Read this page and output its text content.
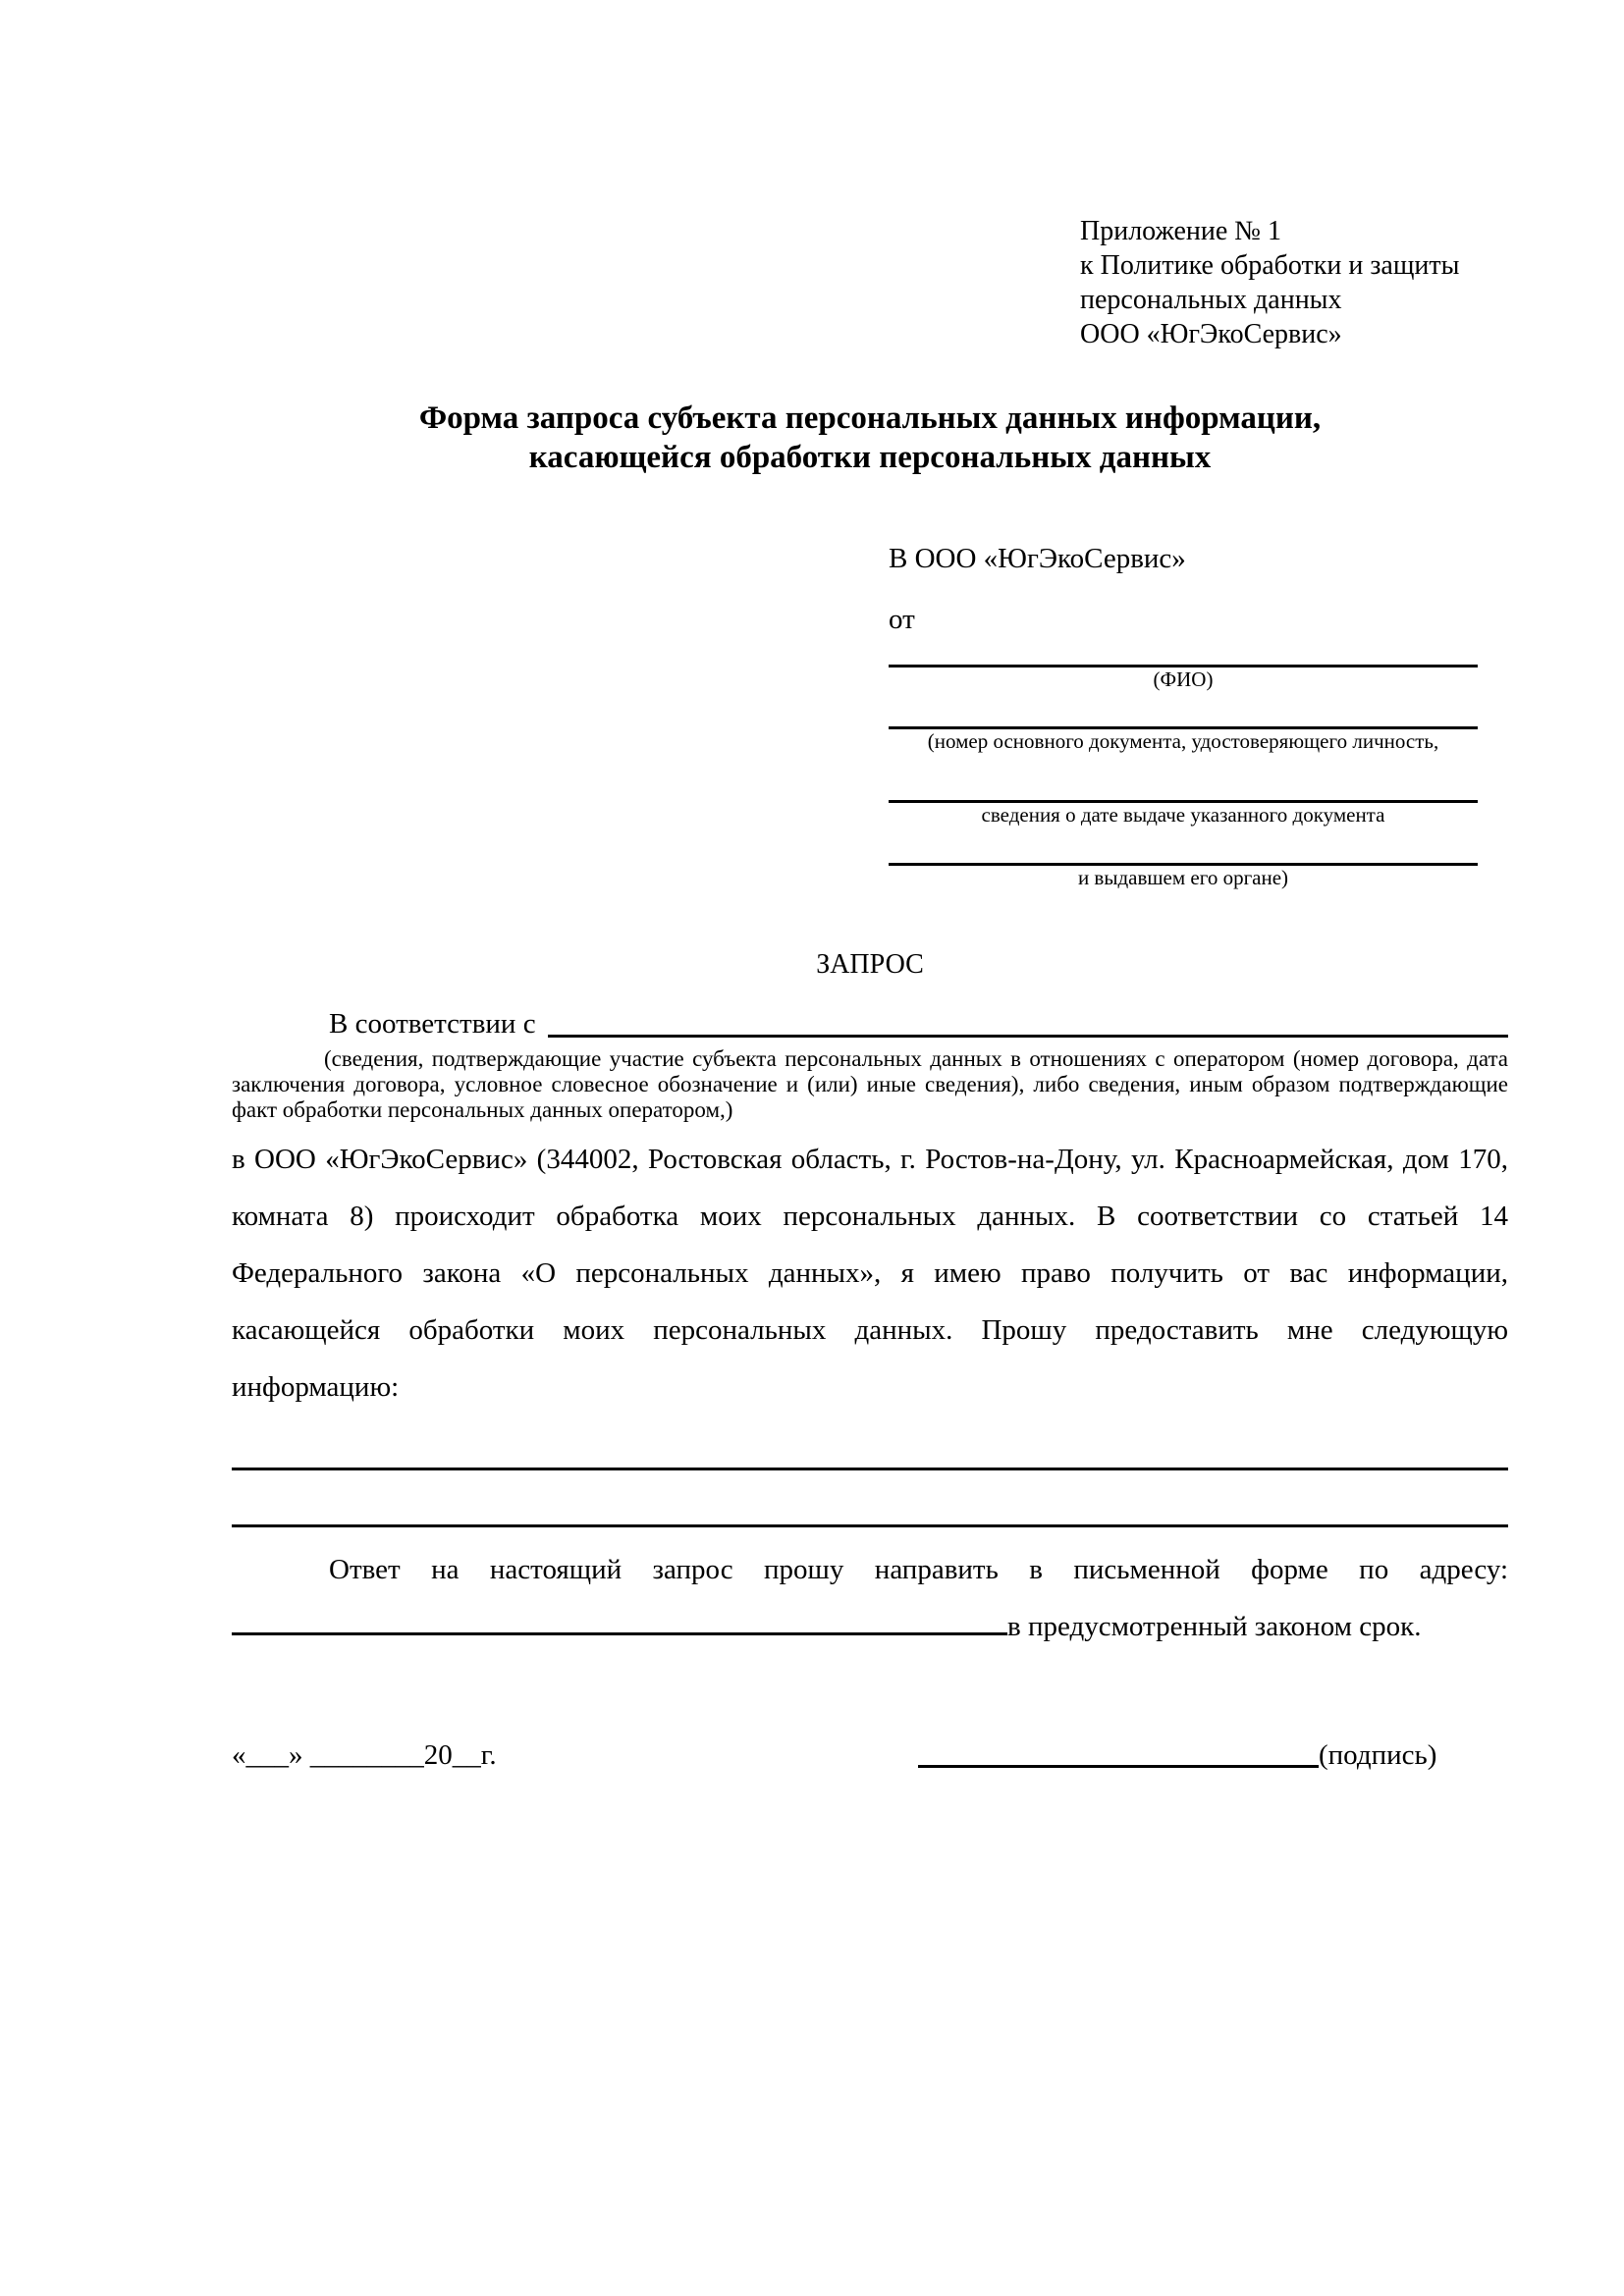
Приложение № 1
к Политике обработки и защиты
персональных данных
ООО «ЮгЭкоСервис»
Форма запроса субъекта персональных данных информации,
касающейся обработки персональных данных
В ООО «ЮгЭкоСервис»
от
(ФИО)
(номер основного документа, удостоверяющего личность,
сведения о дате выдаче указанного документа
и выдавшем его органе)
ЗАПРОС
В соответствии с
(сведения, подтверждающие участие субъекта персональных данных в отношениях с оператором (номер договора, дата заключения договора, условное словесное обозначение и (или) иные сведения), либо сведения, иным образом подтверждающие факт обработки персональных данных оператором,)
в ООО «ЮгЭкоСервис» (344002, Ростовская область, г. Ростов-на-Дону, ул. Красноармейская, дом 170, комната 8) происходит обработка моих персональных данных. В соответствии со статьей 14 Федерального закона «О персональных данных», я имею право получить от вас информации, касающейся обработки моих персональных данных. Прошу предоставить мне следующую информацию:
Ответ на настоящий запрос прошу направить в письменной форме по адресу: в предусмотренный законом срок.
«___» ________20__г.	(подпись)
